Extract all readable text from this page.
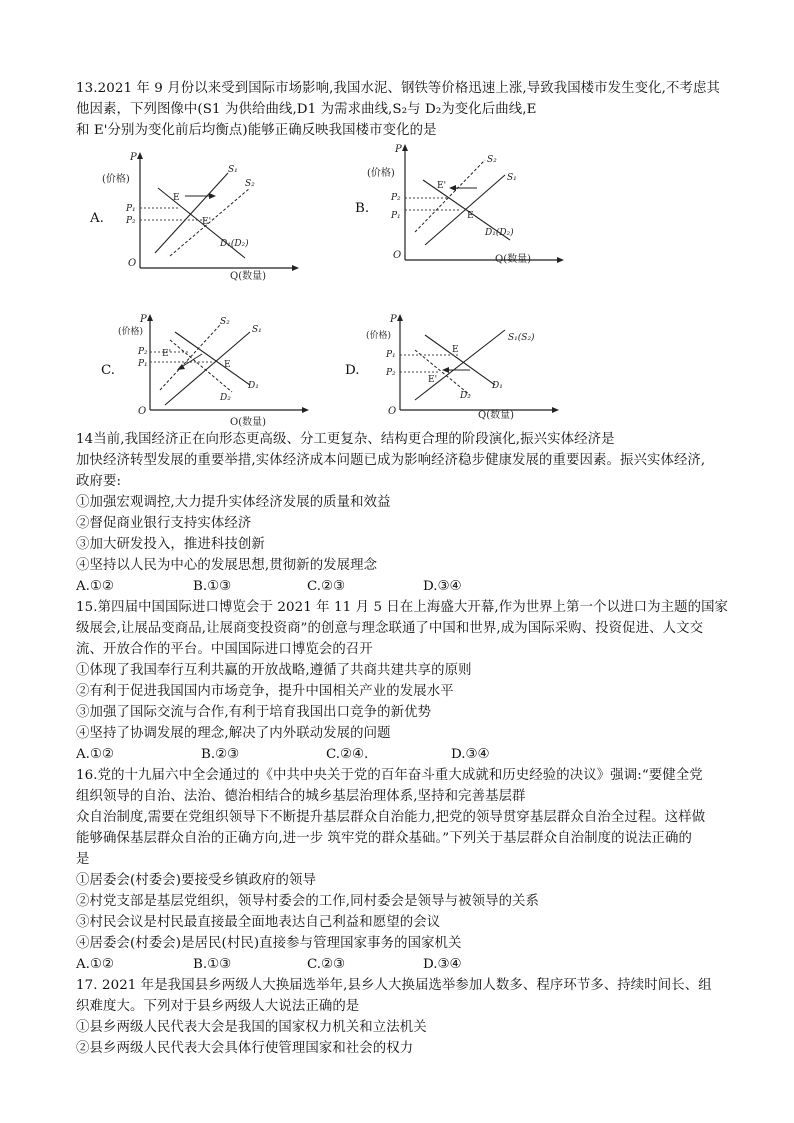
13.2021 年 9 月份以来受到国际市场影响,我国水泥、钢铁等价格迅速上涨,导致我国楼市发生变化,不考虑其
他因素，下列图像中(S1 为供给曲线,D1 为需求曲线,S₂与 D₂为变化后曲线,E
和 E'分别为变化前后均衡点)能够正确反映我国楼市变化的是
A.
P
(价格)
O
Q(数量)
P₁
P₂
S₁
S₂
D₁(D₂)
E
E'
B.
P
(价格)
O	Q(数量)
P₂
P₁
S₂
S₁
D₁(D₂)
E'
E
C.
P
(价格)
O
O(数量)
P₂
P₁
S₂
S₁
D₂
D₁
E'
E	D.
P
(价格)
O	Q(数量)
P₁
P₂
S₁(S₂)
D₁
D₂
E
E'
14当前,我国经济正在向形态更高级、分工更复杂、结构更合理的阶段演化,振兴实体经济是
加快经济转型发展的重要举措,实体经济成本问题已成为影响经济稳步健康发展的重要因素。振兴实体经济,
政府要:
①加强宏观调控,大力提升实体经济发展的质量和效益
②督促商业银行支持实体经济
③加大研发投入，推进科技创新
④坚持以人民为中心的发展思想,贯彻新的发展理念
A.①②	B.①③	C.②③	D.③④
15.第四届中国国际进口博览会于 2021 年 11 月 5 日在上海盛大开幕,作为世界上第一个以进口为主题的国家
级展会,让展品变商品,让展商变投资商”的创意与理念联通了中国和世界,成为国际采购、投资促进、人文交
流、开放合作的平台。中国国际进口博览会的召开
①体现了我国奉行互利共赢的开放战略,遵循了共商共建共享的原则
②有利于促进我国国内市场竞争，提升中国相关产业的发展水平
③加强了国际交流与合作,有利于培育我国出口竞争的新优势
④坚持了协调发展的理念,解决了内外联动发展的问题
A.①②	B.②③	C.②④.	D.③④
16.党的十九届六中全会通过的《中共中央关于党的百年奋斗重大成就和历史经验的决议》强调:“要健全党
组织领导的自治、法治、德治相结合的城乡基层治理体系,坚持和完善基层群
众自治制度,需要在党组织领导下不断提升基层群众自治能力,把党的领导贯穿基层群众自治全过程。这样做
能够确保基层群众自治的正确方向,进一步 筑牢党的群众基础。”下列关于基层群众自治制度的说法正确的
是
①居委会(村委会)要接受乡镇政府的领导
②村党支部是基层党组织，领导村委会的工作,同村委会是领导与被领导的关系
③村民会议是村民最直接最全面地表达自己利益和愿望的会议
④居委会(村委会)是居民(村民)直接参与管理国家事务的国家机关
A.①②	B.①③	C.②③	D.③④
17. 2021 年是我国县乡两级人大换届选举年,县乡人大换届选举参加人数多、程序环节多、持续时间长、组
织难度大。下列对于县乡两级人大说法正确的是
①县乡两级人民代表大会是我国的国家权力机关和立法机关
②县乡两级人民代表大会具体行使管理国家和社会的权力
